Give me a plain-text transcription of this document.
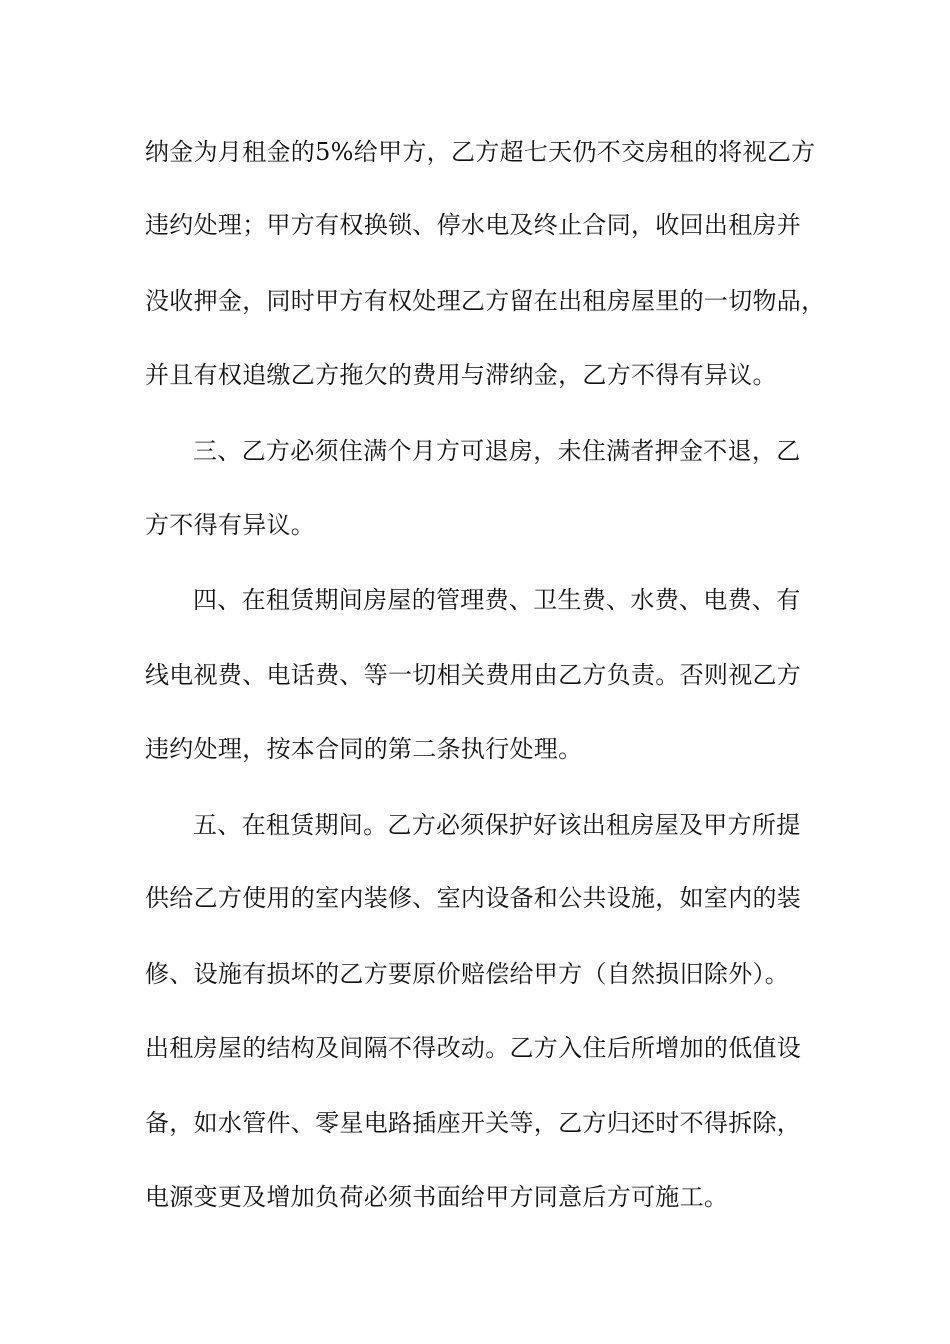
纳金为月租金的5%给甲方，乙方超七天仍不交房租的将视乙方
违约处理；甲方有权换锁、停水电及终止合同，收回出租房并
没收押金，同时甲方有权处理乙方留在出租房屋里的一切物品，
并且有权追缴乙方拖欠的费用与滞纳金，乙方不得有异议。
三、乙方必须住满个月方可退房，未住满者押金不退，乙
方不得有异议。
四、在租赁期间房屋的管理费、卫生费、水费、电费、有
线电视费、电话费、等一切相关费用由乙方负责。否则视乙方
违约处理，按本合同的第二条执行处理。
五、在租赁期间。乙方必须保护好该出租房屋及甲方所提
供给乙方使用的室内装修、室内设备和公共设施，如室内的装
修、设施有损坏的乙方要原价赔偿给甲方（自然损旧除外）。
出租房屋的结构及间隔不得改动。乙方入住后所增加的低值设
备，如水管件、零星电路插座开关等，乙方归还时不得拆除，
电源变更及增加负荷必须书面给甲方同意后方可施工。
